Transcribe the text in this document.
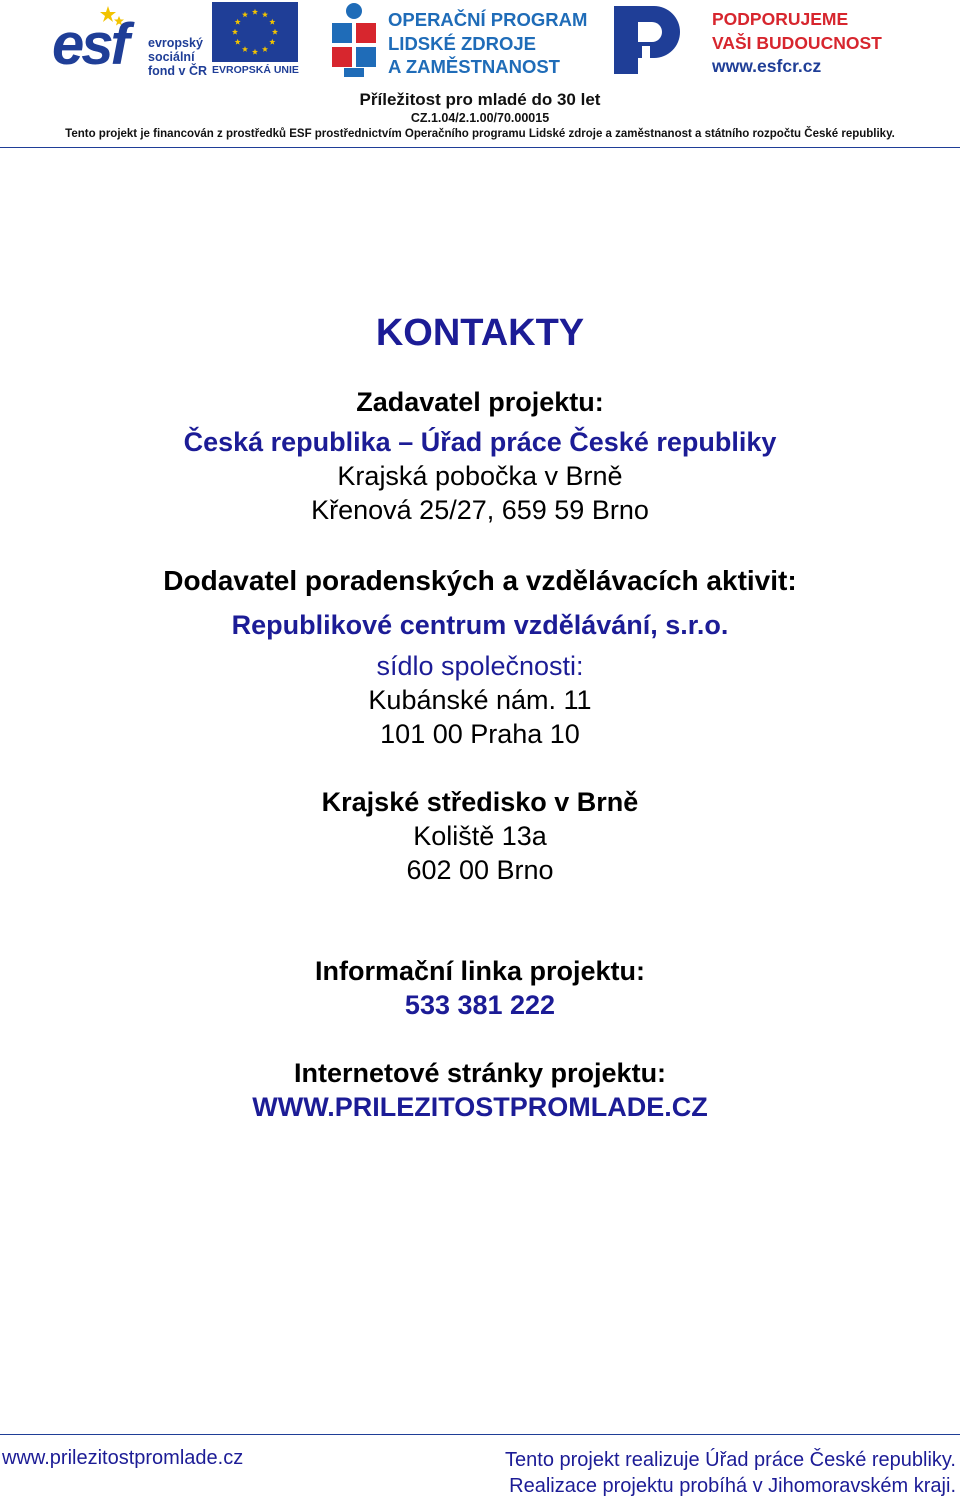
esf evropský
sociální
fond v ČR EVROPSKÁ UNIE
OPERAČNÍ PROGRAM
LIDSKÉ ZDROJE
A ZAMĚSTNANOST
PODPORUJEME
VAŠI BUDOUCNOST
www.esfcr.cz
Příležitost pro mladé do 30 let
CZ.1.04/2.1.00/70.00015
Tento projekt je financován z prostředků ESF prostřednictvím Operačního programu Lidské zdroje a zaměstnanost a státního rozpočtu České republiky.
KONTAKTY

Zadavatel projektu:

Česká republika – Úřad práce České republiky

Krajská pobočka v Brně

Křenová 25/27, 659 59 Brno

Dodavatel poradenských a vzdělávacích aktivit:

Republikové centrum vzdělávání, s.r.o.

sídlo společnosti:

Kubánské nám. 11

101 00 Praha 10

Krajské středisko v Brně

Koliště 13a

602 00 Brno

Informační linka projektu:

533 381 222

Internetové stránky projektu:

WWW.PRILEZITOSTPROMLADE.CZ

www.prilezitostpromlade.cz	Tento projekt realizuje Úřad práce České republiky.
Realizace projektu probíhá v Jihomoravském kraji.
